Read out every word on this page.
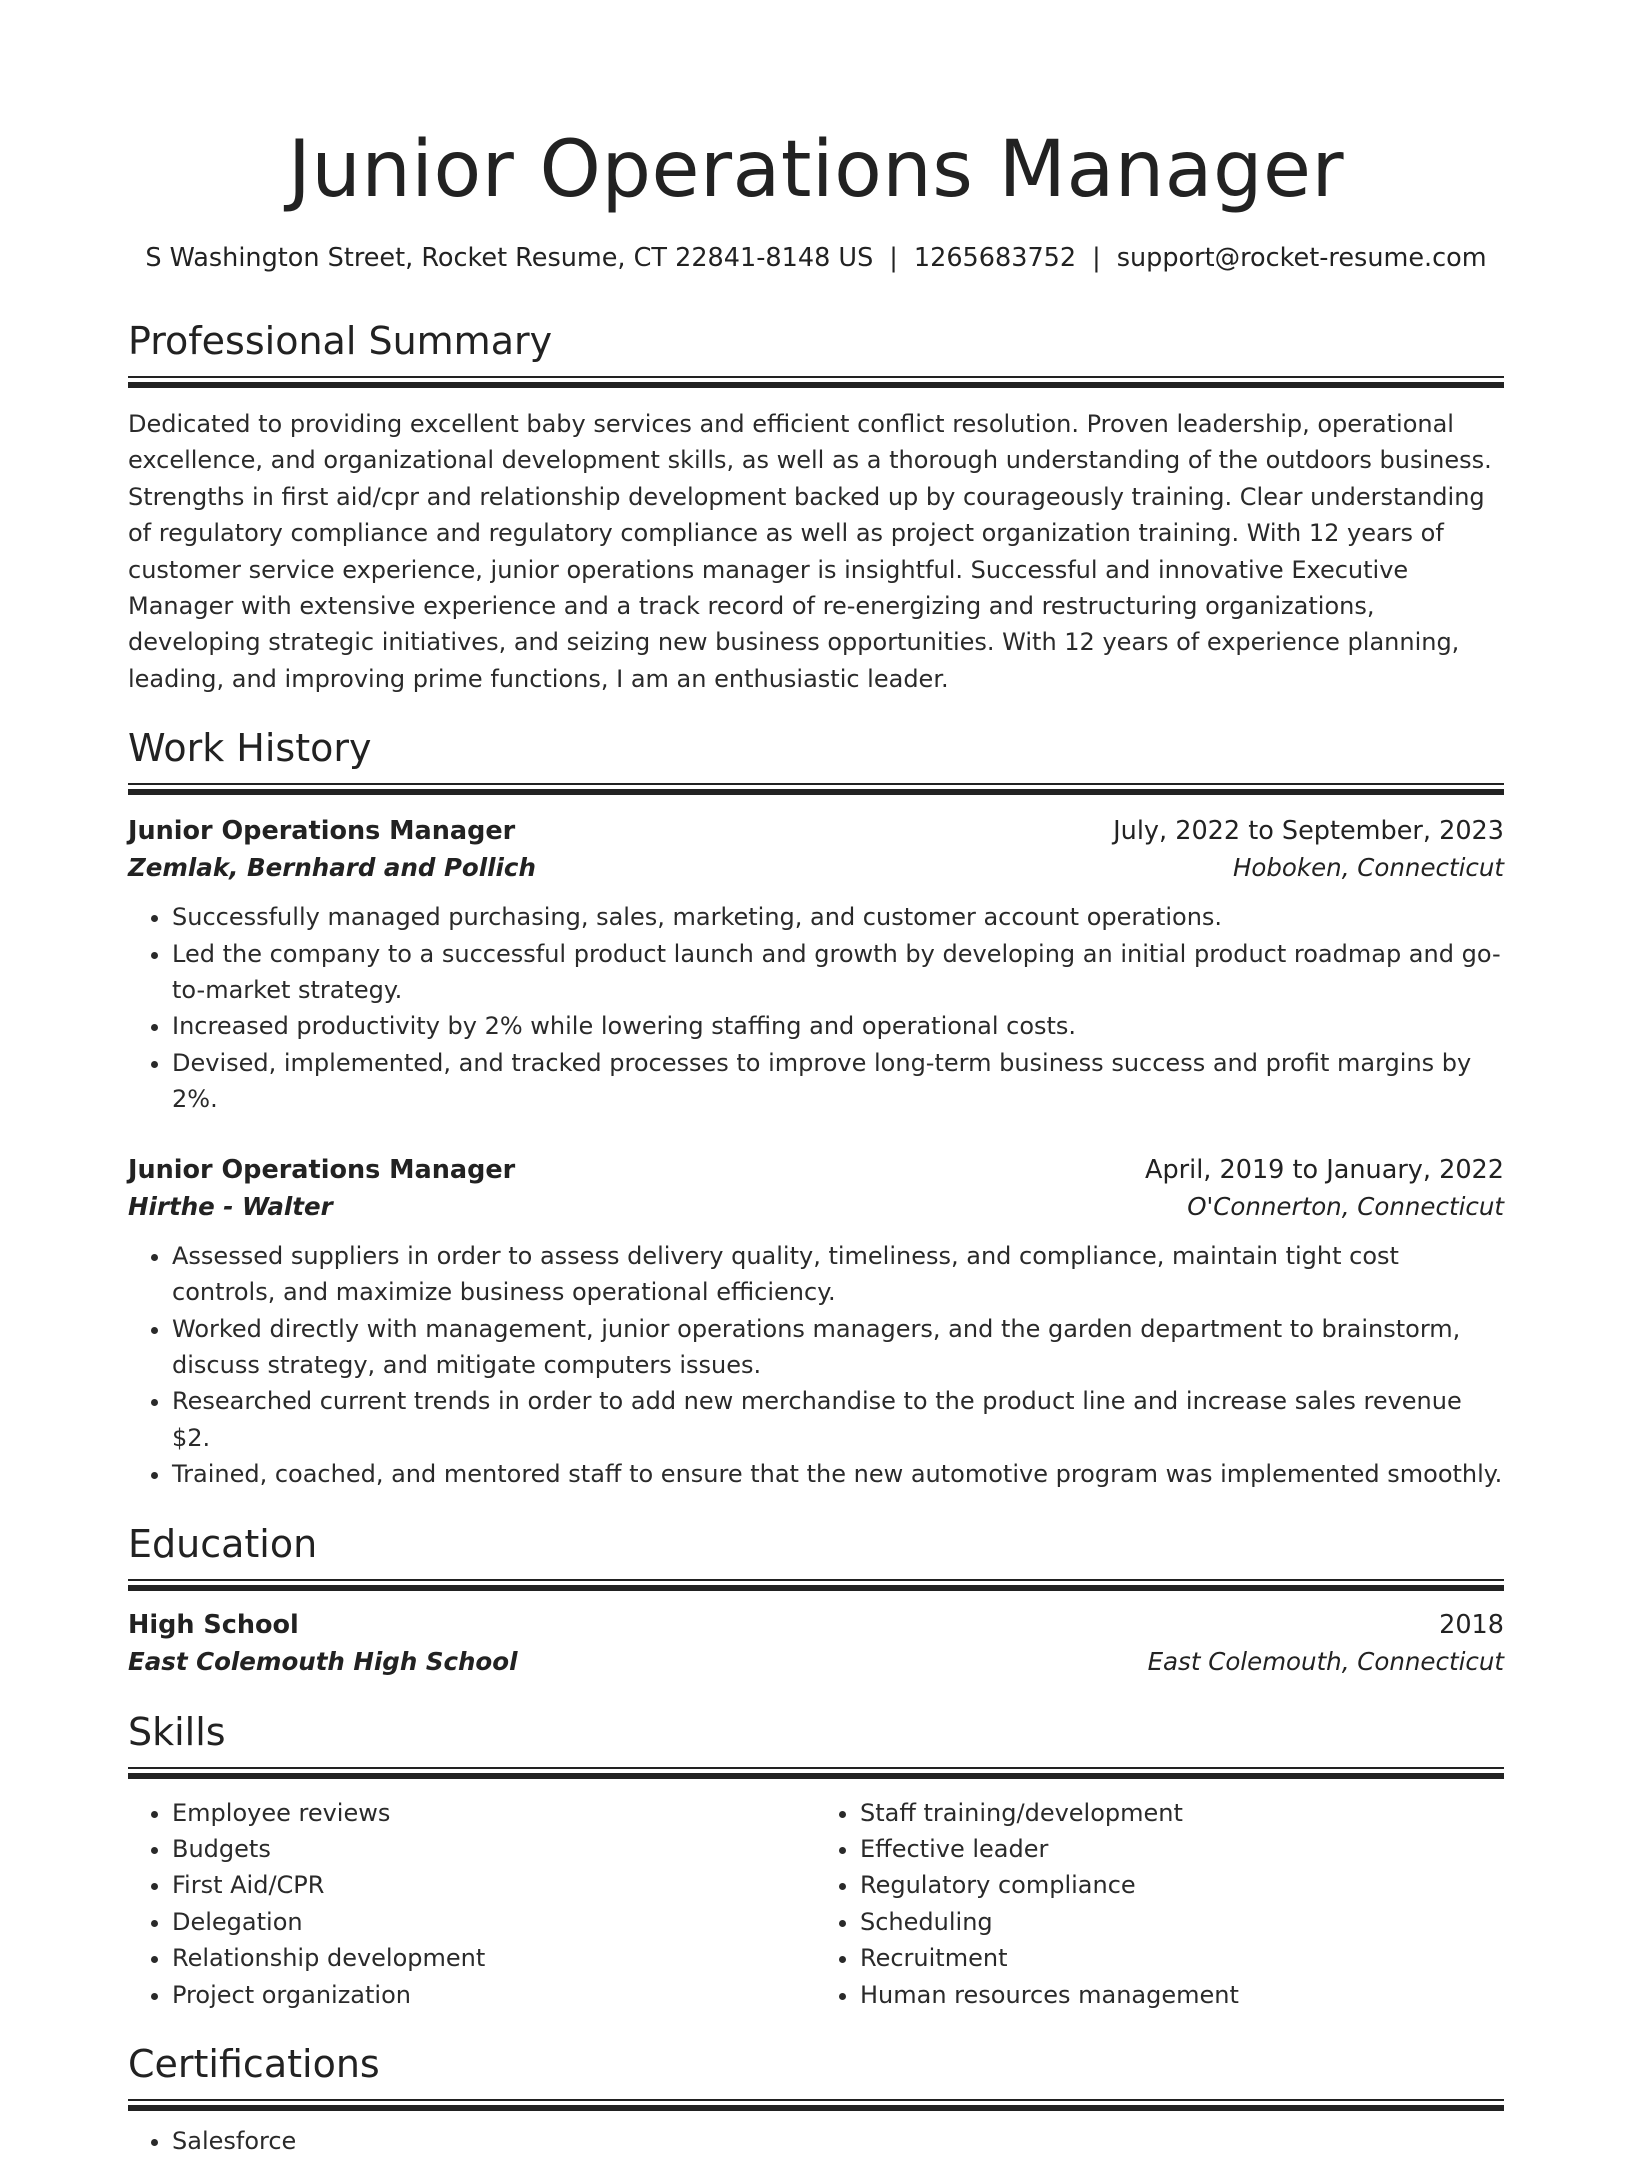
Junior Operations Manager
S Washington Street, Rocket Resume, CT 22841-8148 US | 1265683752 | support@rocket-resume.com
Professional Summary

Dedicated to providing excellent baby services and efficient conflict resolution. Proven leadership, operational excellence, and organizational development skills, as well as a thorough understanding of the outdoors business. Strengths in first aid/cpr and relationship development backed up by courageously training. Clear understanding of regulatory compliance and regulatory compliance as well as project organization training. With 12 years of customer service experience, junior operations manager is insightful. Successful and innovative Executive Manager with extensive experience and a track record of re-energizing and restructuring organizations, developing strategic initiatives, and seizing new business opportunities. With 12 years of experience planning, leading, and improving prime functions, I am an enthusiastic leader.

Work History
Junior Operations Manager	July, 2022 to September, 2023
Zemlak, Bernhard and Pollich	Hoboken, Connecticut
• Successfully managed purchasing, sales, marketing, and customer account operations.
• Led the company to a successful product launch and growth by developing an initial product roadmap and go-to-market strategy.
• Increased productivity by 2% while lowering staffing and operational costs.
• Devised, implemented, and tracked processes to improve long-term business success and profit margins by 2%.
Junior Operations Manager	April, 2019 to January, 2022
Hirthe - Walter	O'Connerton, Connecticut
• Assessed suppliers in order to assess delivery quality, timeliness, and compliance, maintain tight cost controls, and maximize business operational efficiency.
• Worked directly with management, junior operations managers, and the garden department to brainstorm, discuss strategy, and mitigate computers issues.
• Researched current trends in order to add new merchandise to the product line and increase sales revenue $2.
• Trained, coached, and mentored staff to ensure that the new automotive program was implemented smoothly.
Education
High School	2018
East Colemouth High School	East Colemouth, Connecticut
Skills
• Employee reviews
• Budgets
• First Aid/CPR
• Delegation
• Relationship development
• Project organization
• Staff training/development
• Effective leader
• Regulatory compliance
• Scheduling
• Recruitment
• Human resources management
Certifications
• Salesforce
